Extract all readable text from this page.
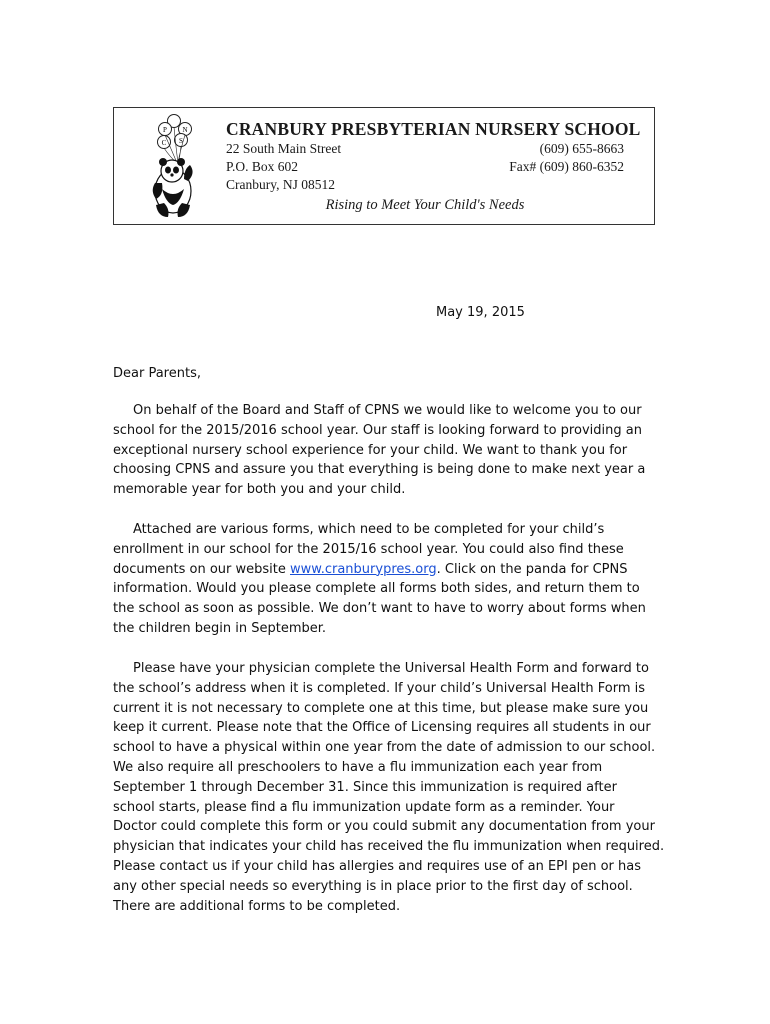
P N
C S
CRANBURY PRESBYTERIAN NURSERY SCHOOL
22 South Main Street	(609) 655-8663
P.O. Box 602	Fax# (609) 860-6352
Cranbury, NJ 08512
Rising to Meet Your Child's Needs
May 19, 2015
Dear Parents,
On behalf of the Board and Staff of CPNS we would like to welcome you to our
school for the 2015/2016 school year. Our staff is looking forward to providing an
exceptional nursery school experience for your child. We want to thank you for
choosing CPNS and assure you that everything is being done to make next year a
memorable year for both you and your child.
Attached are various forms, which need to be completed for your child’s
enrollment in our school for the 2015/16 school year. You could also find these
documents on our website www.cranburypres.org. Click on the panda for CPNS
information. Would you please complete all forms both sides, and return them to
the school as soon as possible. We don’t want to have to worry about forms when
the children begin in September.
Please have your physician complete the Universal Health Form and forward to
the school’s address when it is completed. If your child’s Universal Health Form is
current it is not necessary to complete one at this time, but please make sure you
keep it current. Please note that the Office of Licensing requires all students in our
school to have a physical within one year from the date of admission to our school.
We also require all preschoolers to have a flu immunization each year from
September 1 through December 31. Since this immunization is required after
school starts, please find a flu immunization update form as a reminder. Your
Doctor could complete this form or you could submit any documentation from your
physician that indicates your child has received the flu immunization when required.
Please contact us if your child has allergies and requires use of an EPI pen or has
any other special needs so everything is in place prior to the first day of school.
There are additional forms to be completed.
